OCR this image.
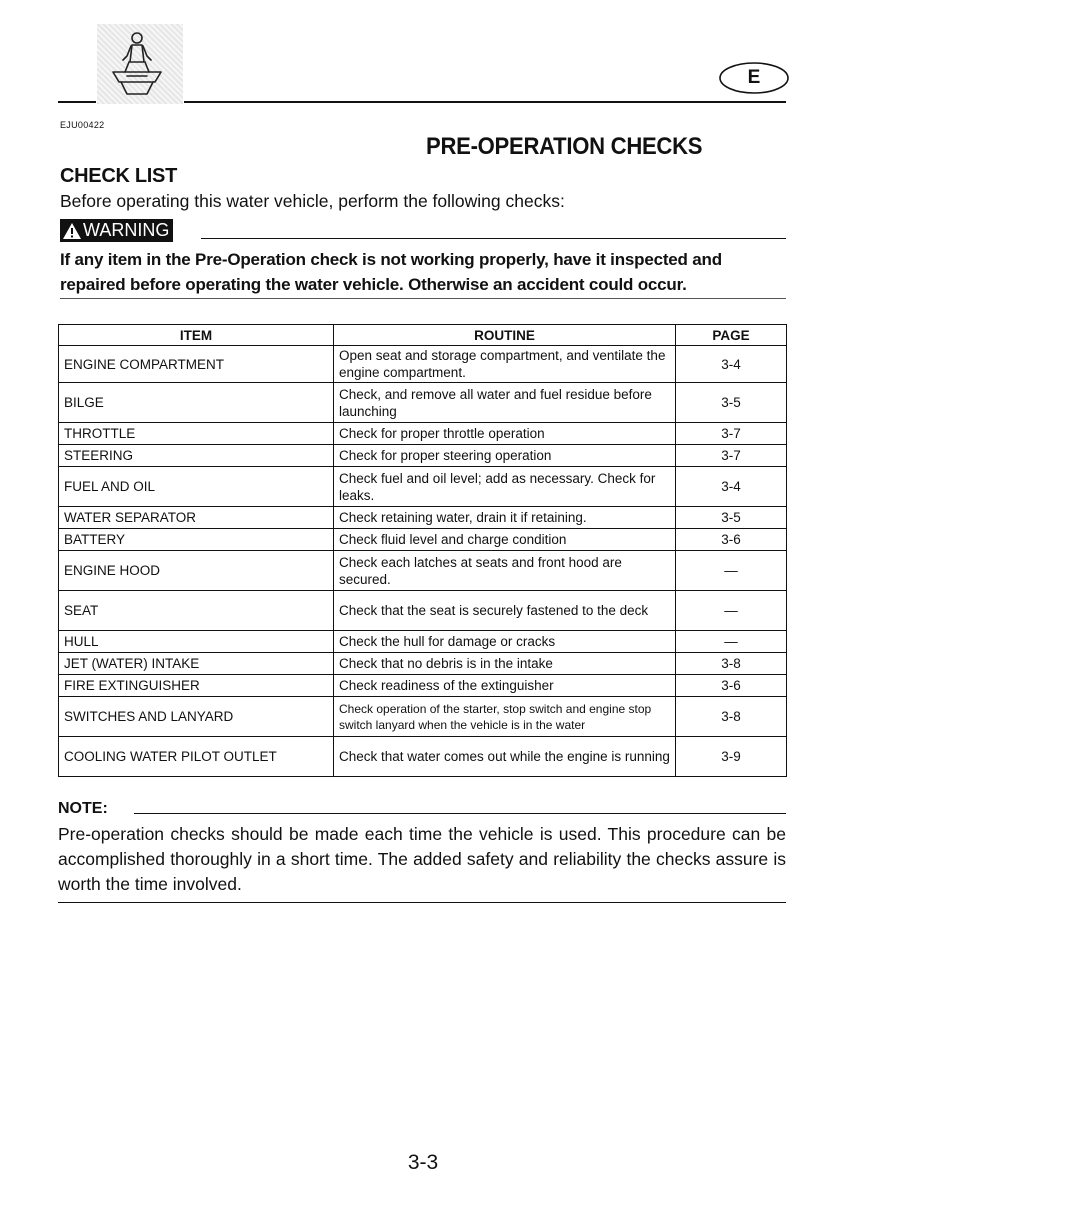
E
EJU00422
PRE-OPERATION CHECKS
CHECK LIST
Before operating this water vehicle, perform the following checks:
WARNING
If any item in the Pre-Operation check is not working properly, have it inspected and repaired before operating the water vehicle. Otherwise an accident could occur.
ITEM	ROUTINE	PAGE
ENGINE COMPARTMENT	Open seat and storage compartment, and ventilate the engine compartment.	3-4
BILGE	Check, and remove all water and fuel residue before launching	3-5
THROTTLE	Check for proper throttle operation	3-7
STEERING	Check for proper steering operation	3-7
FUEL AND OIL	Check fuel and oil level; add as necessary. Check for leaks.	3-4
WATER SEPARATOR	Check retaining water, drain it if retaining.	3-5
BATTERY	Check fluid level and charge condition	3-6
ENGINE HOOD	Check each latches at seats and front hood are secured.	—
SEAT	Check that the seat is securely fastened to the deck	—
HULL	Check the hull for damage or cracks	—
JET (WATER) INTAKE	Check that no debris is in the intake	3-8
FIRE EXTINGUISHER	Check readiness of the extinguisher	3-6
SWITCHES AND LANYARD	Check operation of the starter, stop switch and engine stop switch lanyard when the vehicle is in the water	3-8
COOLING WATER PILOT OUTLET	Check that water comes out while the engine is running	3-9
NOTE:
Pre-operation checks should be made each time the vehicle is used. This procedure can be accomplished thoroughly in a short time. The added safety and reliability the checks assure is worth the time involved.
3-3
